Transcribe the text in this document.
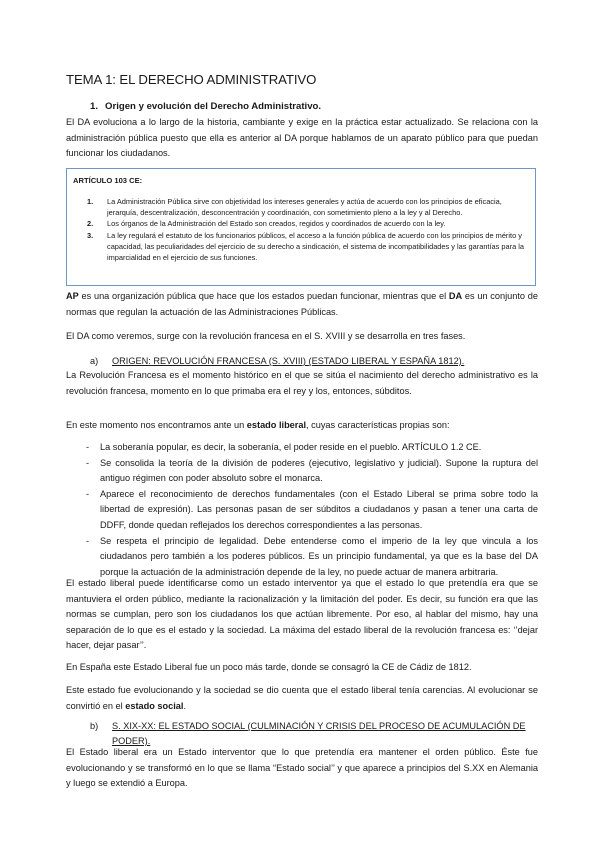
TEMA 1: EL DERECHO ADMINISTRATIVO
1. Origen y evolución del Derecho Administrativo.
El DA evoluciona a lo largo de la historia, cambiante y exige en la práctica estar actualizado. Se relaciona con la administración pública puesto que ella es anterior al DA porque hablamos de un aparato público para que puedan funcionar los ciudadanos.
ARTÍCULO 103 CE:
1. La Administración Pública sirve con objetividad los intereses generales y actúa de acuerdo con los principios de eficacia, jerarquía, descentralización, desconcentración y coordinación, con sometimiento pleno a la ley y al Derecho.
2. Los órganos de la Administración del Estado son creados, regidos y coordinados de acuerdo con la ley.
3. La ley regulará el estatuto de los funcionarios públicos, el acceso a la función pública de acuerdo con los principios de mérito y capacidad, las peculiaridades del ejercicio de su derecho a sindicación, el sistema de incompatibilidades y las garantías para la imparcialidad en el ejercicio de sus funciones.
AP es una organización pública que hace que los estados puedan funcionar, mientras que el DA es un conjunto de normas que regulan la actuación de las Administraciones Públicas.
El DA como veremos, surge con la revolución francesa en el S. XVIII y se desarrolla en tres fases.
a) ORIGEN: REVOLUCIÓN FRANCESA (S. XVIII) (ESTADO LIBERAL Y ESPAÑA 1812).
La Revolución Francesa es el momento histórico en el que se sitúa el nacimiento del derecho administrativo es la revolución francesa, momento en lo que primaba era el rey y los, entonces, súbditos.
En este momento nos encontramos ante un estado liberal, cuyas características propias son:
- La soberanía popular, es decir, la soberanía, el poder reside en el pueblo. ARTÍCULO 1.2 CE.
- Se consolida la teoría de la división de poderes (ejecutivo, legislativo y judicial). Supone la ruptura del antiguo régimen con poder absoluto sobre el monarca.
- Aparece el reconocimiento de derechos fundamentales (con el Estado Liberal se prima sobre todo la libertad de expresión). Las personas pasan de ser súbditos a ciudadanos y pasan a tener una carta de DDFF, donde quedan reflejados los derechos correspondientes a las personas.
- Se respeta el principio de legalidad. Debe entenderse como el imperio de la ley que vincula a los ciudadanos pero también a los poderes públicos. Es un principio fundamental, ya que es la base del DA porque la actuación de la administración depende de la ley, no puede actuar de manera arbitraria.
El estado liberal puede identificarse como un estado interventor ya que el estado lo que pretendía era que se mantuviera el orden público, mediante la racionalización y la limitación del poder. Es decir, su función era que las normas se cumplan, pero son los ciudadanos los que actúan libremente. Por eso, al hablar del mismo, hay una separación de lo que es el estado y la sociedad. La máxima del estado liberal de la revolución francesa es: ‘’dejar hacer, dejar pasar’’.
En España este Estado Liberal fue un poco más tarde, donde se consagró la CE de Cádiz de 1812.
Este estado fue evolucionando y la sociedad se dio cuenta que el estado liberal tenía carencias. Al evolucionar se convirtió en el estado social.
b) S. XIX-XX: EL ESTADO SOCIAL (CULMINACIÓN Y CRISIS DEL PROCESO DE ACUMULACIÓN DE
PODER).
El Estado liberal era un Estado interventor que lo que pretendía era mantener el orden público. Éste fue evolucionando y se transformó en lo que se llama “Estado social’’ y que aparece a principios del S.XX en Alemania y luego se extendió a Europa.
